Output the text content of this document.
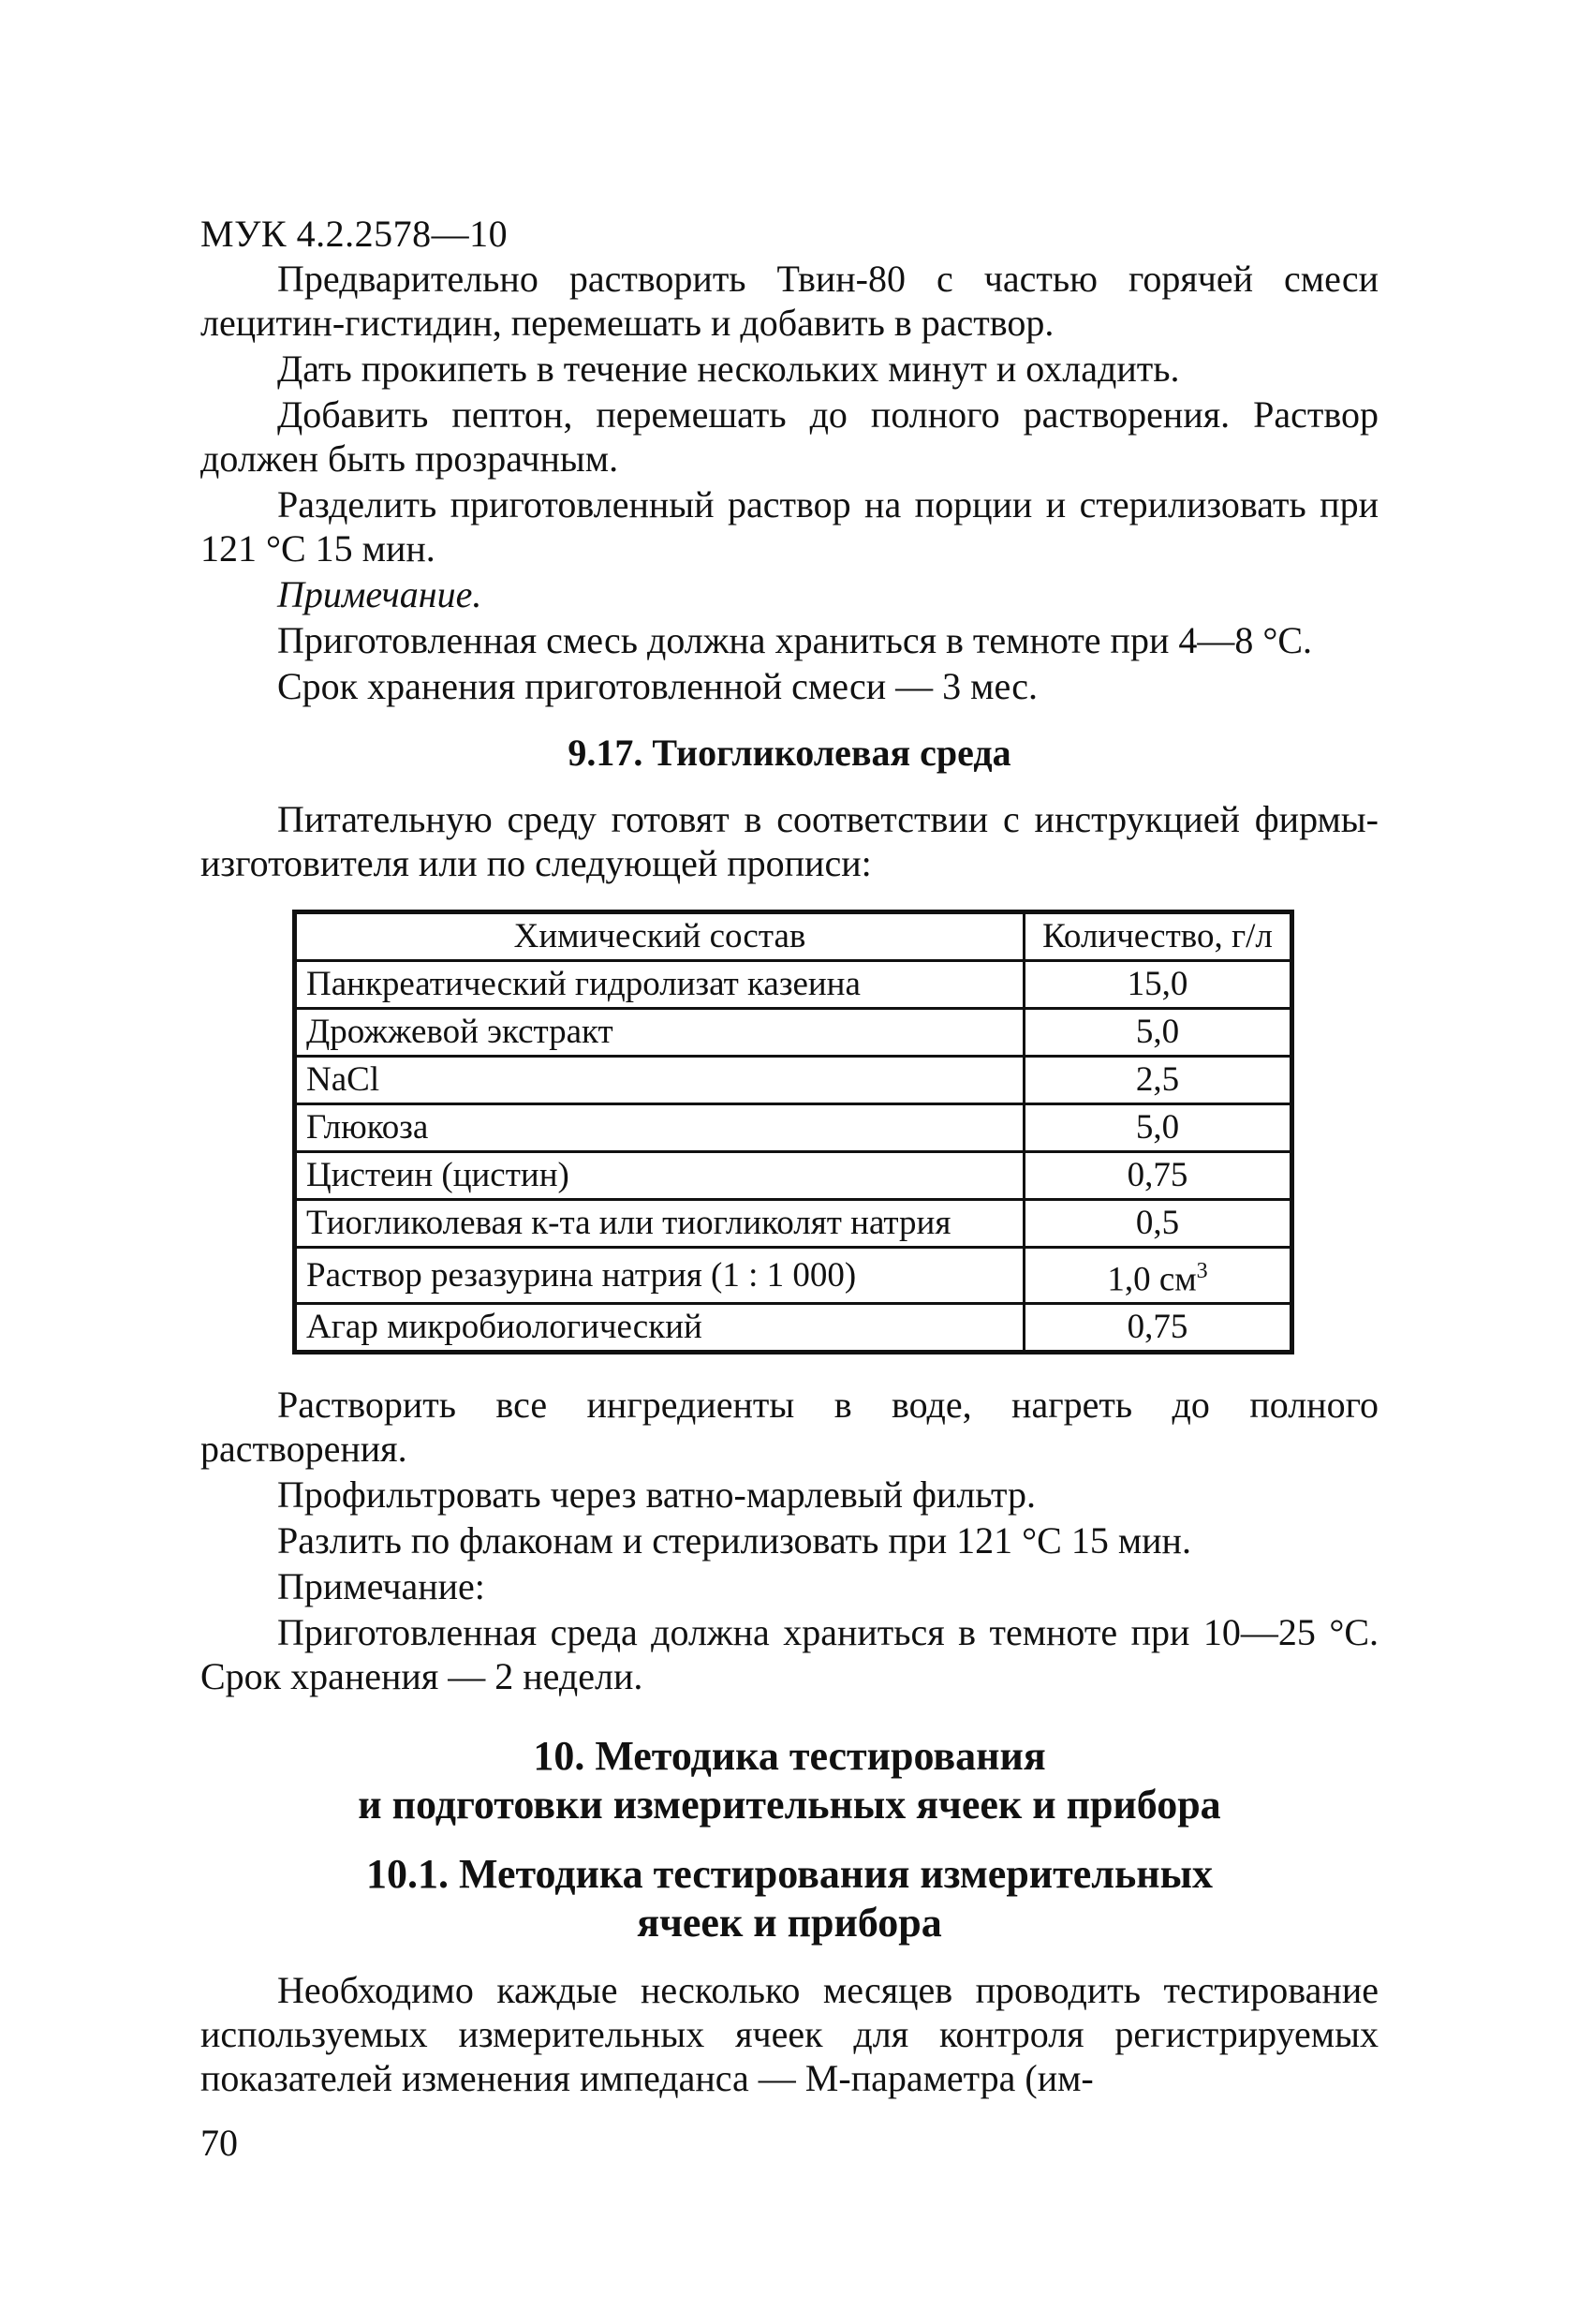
МУК 4.2.2578—10

Предварительно растворить Твин-80 с частью горячей смеси лецитин-гистидин, перемешать и добавить в раствор.

Дать прокипеть в течение нескольких минут и охладить.

Добавить пептон, перемешать до полного растворения. Раствор должен быть прозрачным.

Разделить приготовленный раствор на порции и стерилизовать при 121 °С 15 мин.

Примечание.

Приготовленная смесь должна храниться в темноте при 4—8 °С.

Срок хранения приготовленной смеси — 3 мес.

9.17. Тиогликолевая среда

Питательную среду готовят в соответствии с инструкцией фирмы-изготовителя или по следующей прописи:

Химический состав	Количество, г/л
Панкреатический гидролизат казеина	15,0
Дрожжевой экстракт	5,0
NaCl	2,5
Глюкоза	5,0
Цистеин (цистин)	0,75
Тиогликолевая к-та или тиогликолят натрия	0,5
Раствор резазурина натрия (1 : 1 000)	1,0 $см^3$
Агар микробиологический	0,75

Растворить все ингредиенты в воде, нагреть до полного растворения.

Профильтровать через ватно-марлевый фильтр.

Разлить по флаконам и стерилизовать при 121 °С 15 мин.

Примечание:

Приготовленная среда должна храниться в темноте при 10—25 °С. Срок хранения — 2 недели.

10. Методика тестирования

и подготовки измерительных ячеек и прибора

10.1. Методика тестирования измерительных

ячеек и прибора

Необходимо каждые несколько месяцев проводить тестирование используемых измерительных ячеек для контроля регистрируемых показателей изменения импеданса — М-параметра (им-

70
